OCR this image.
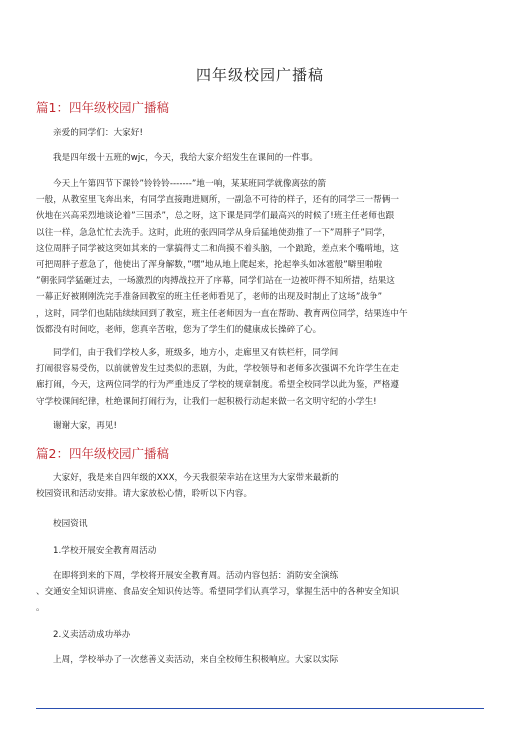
四年级校园广播稿
篇1：四年级校园广播稿
亲爱的同学们：大家好!
我是四年级十五班的wjc，今天，我给大家介绍发生在课间的一件事。
今天上午第四节下课铃”铃铃铃-------”地一响，某某班同学就像离弦的箭
一般，从教室里飞奔出来，有同学直接跑进厕所，一副急不可待的样子，还有的同学三一帮俩一
伙地在兴高采烈地谈论着”三国杀”，总之呀，这下课是同学们最高兴的时候了!班主任老师也跟
以往一样，急急忙忙去洗手。这时，此班的张四同学从身后猛地使劲推了一下”周胖子”同学，
这位周胖子同学被这突如其来的一掌搞得丈二和尚摸不着头脑，一个踉跄，差点来个嘴啃地，这
可把周胖子惹急了，他使出了浑身解数，”嘿”地从地上爬起来，抡起拳头如冰雹般”噼里啪啦
”朝张同学猛砸过去，一场激烈的肉搏战拉开了序幕，同学们站在一边被吓得不知所措，结果这
一幕正好被刚刚洗完手准备回教室的班主任老师看见了，老师的出现及时制止了这场”战争”
，这时，同学们也陆陆续续回到了教室，班主任老师因为一直在帮助、教育两位同学，结果连中午
饭都没有时间吃，老师，您真辛苦啦，您为了学生们的健康成长操碎了心。
同学们，由于我们学校人多，班级多，地方小，走廊里又有铁栏杆，同学间
打闹很容易受伤，以前就曾发生过类似的悲剧，为此，学校领导和老师多次强调不允许学生在走
廊打闹，今天，这两位同学的行为严重违反了学校的规章制度。希望全校同学以此为鉴，严格遵
守学校课间纪律，杜绝课间打闹行为，让我们一起积极行动起来做一名文明守纪的小学生!
谢谢大家，再见!
篇2：四年级校园广播稿
大家好，我是来自四年级的XXX，今天我很荣幸站在这里为大家带来最新的
校园资讯和活动安排。请大家放松心情，聆听以下内容。
校园资讯
1.学校开展安全教育周活动
在即将到来的下周，学校将开展安全教育周。活动内容包括：消防安全演练
、交通安全知识讲座、食品安全知识传达等。希望同学们认真学习，掌握生活中的各种安全知识
。
2.义卖活动成功举办
上周，学校举办了一次慈善义卖活动，来自全校师生积极响应。大家以实际
